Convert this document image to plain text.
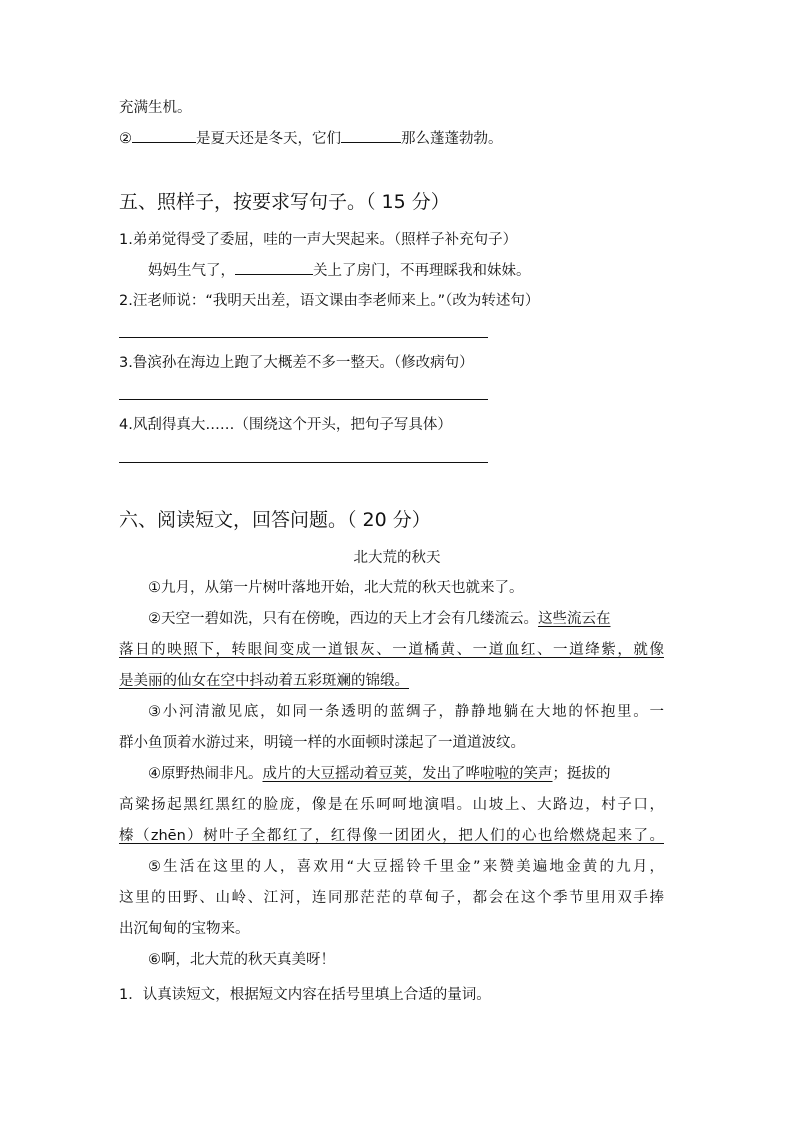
充满生机。
②	是夏天还是冬天，它们	那么蓬蓬勃勃。
五、照样子，按要求写句子。（ 15 分）
1.弟弟觉得受了委屈，哇的一声大哭起来。（照样子补充句子）
妈妈生气了，	关上了房门，不再理睬我和妹妹。
2.汪老师说：“我明天出差，语文课由李老师来上。”（改为转述句）
3.鲁滨孙在海边上跑了大概差不多一整天。（修改病句）
4.风刮得真大……（围绕这个开头，把句子写具体）
六、阅读短文，回答问题。（ 20 分）
北大荒的秋天
①九月，从第一片树叶落地开始，北大荒的秋天也就来了。
②天空一碧如洗，只有在傍晚，西边的天上才会有几缕流云。这些流云在
落日的映照下，转眼间变成一道银灰、一道橘黄、一道血红、一道绛紫，就像
是美丽的仙女在空中抖动着五彩斑斓的锦缎。
③小河清澈见底，如同一条透明的蓝绸子，静静地躺在大地的怀抱里。一
群小鱼顶着水游过来，明镜一样的水面顿时漾起了一道道波纹。
④原野热闹非凡。成片的大豆摇动着豆荚，发出了哗啦啦的笑声；挺拔的
高粱扬起黑红黑红的脸庞，像是在乐呵呵地演唱。山坡上、大路边，村子口，
榛（zhēn）树叶子全都红了，红得像一团团火，把人们的心也给燃烧起来了。
⑤生活在这里的人，喜欢用“大豆摇铃千里金”来赞美遍地金黄的九月，
这里的田野、山岭、江河，连同那茫茫的草甸子，都会在这个季节里用双手捧
出沉甸甸的宝物来。
⑥啊，北大荒的秋天真美呀！
1．认真读短文，根据短文内容在括号里填上合适的量词。
